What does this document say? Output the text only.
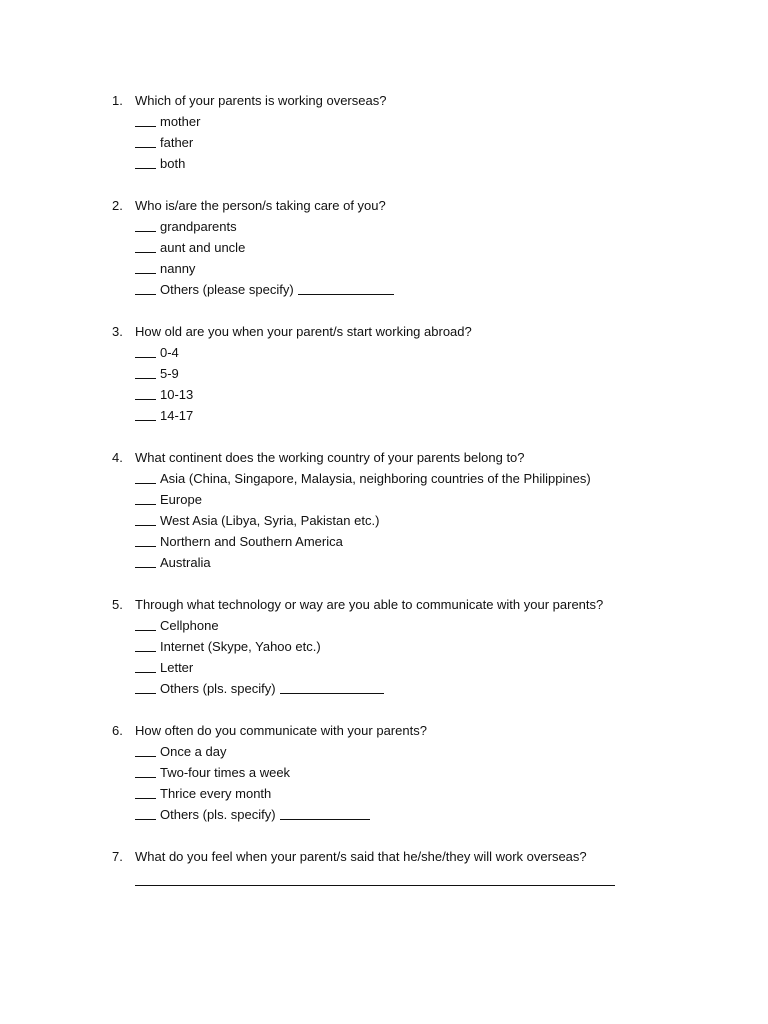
1. Which of your parents is working overseas?
mother
father
both
2. Who is/are the person/s taking care of you?
grandparents
aunt and uncle
nanny
Others (please specify)
3. How old are you when your parent/s start working abroad?
0-4
5-9
10-13
14-17
4. What continent does the working country of your parents belong to?
Asia (China, Singapore, Malaysia, neighboring countries of the Philippines)
Europe
West Asia (Libya, Syria, Pakistan etc.)
Northern and Southern America
Australia
5. Through what technology or way are you able to communicate with your parents?
Cellphone
Internet (Skype, Yahoo etc.)
Letter
Others (pls. specify)
6. How often do you communicate with your parents?
Once a day
Two-four times a week
Thrice every month
Others (pls. specify)
7. What do you feel when your parent/s said that he/she/they will work overseas?
